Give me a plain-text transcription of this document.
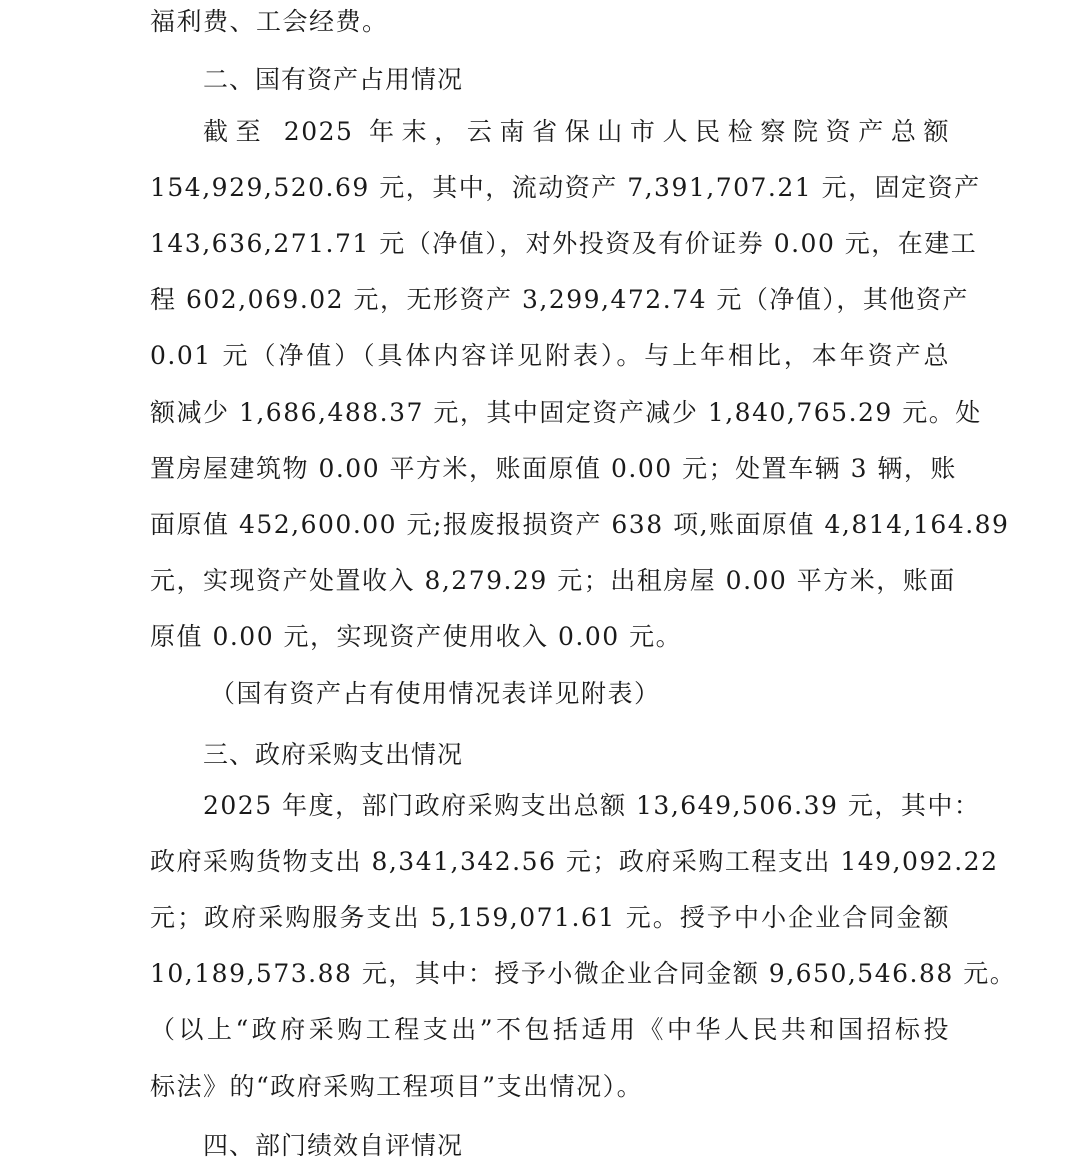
福利费、工会经费。
二、国有资产占用情况
截至 2025 年末，云南省保山市人民检察院资产总额
154,929,520.69 元，其中，流动资产 7,391,707.21 元，固定资产
143,636,271.71 元（净值），对外投资及有价证券 0.00 元，在建工
程 602,069.02 元，无形资产 3,299,472.74 元（净值），其他资产
0.01 元（净值）（具体内容详见附表）。与上年相比，本年资产总
额减少 1,686,488.37 元，其中固定资产减少 1,840,765.29 元。处
置房屋建筑物 0.00 平方米，账面原值 0.00 元；处置车辆 3 辆，账
面原值 452,600.00 元;报废报损资产 638 项,账面原值 4,814,164.89
元，实现资产处置收入 8,279.29 元；出租房屋 0.00 平方米，账面
原值 0.00 元，实现资产使用收入 0.00 元。
（国有资产占有使用情况表详见附表）
三、政府采购支出情况
2025 年度，部门政府采购支出总额 13,649,506.39 元，其中：
政府采购货物支出 8,341,342.56 元；政府采购工程支出 149,092.22
元；政府采购服务支出 5,159,071.61 元。授予中小企业合同金额
10,189,573.88 元，其中：授予小微企业合同金额 9,650,546.88 元。
（以上“政府采购工程支出”不包括适用《中华人民共和国招标投
标法》的“政府采购工程项目”支出情况）。
四、部门绩效自评情况
